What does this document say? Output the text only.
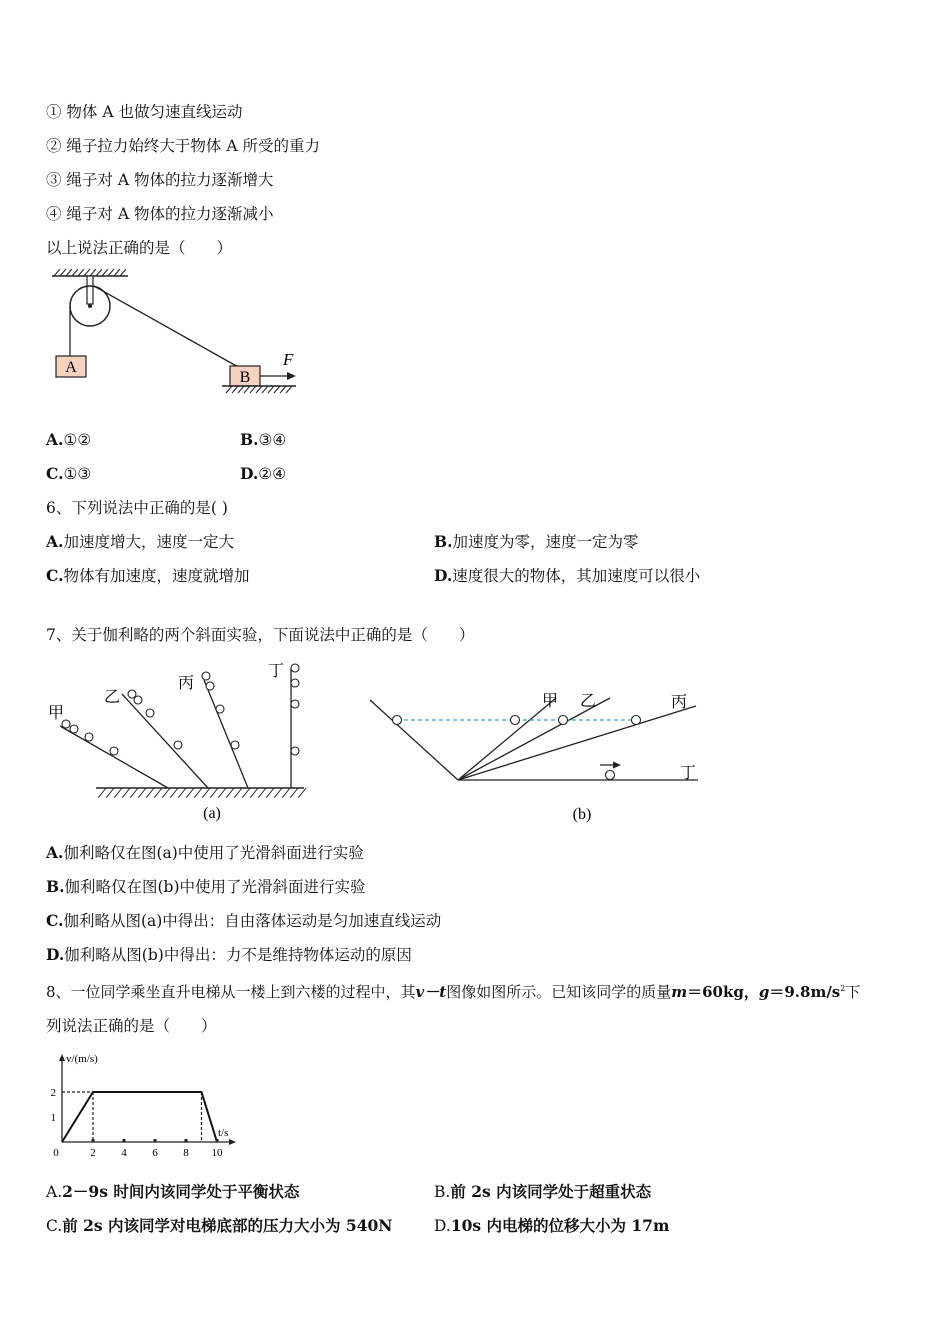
① 物体 A 也做匀速直线运动
② 绳子拉力始终大于物体 A 所受的重力
③ 绳子对 A 物体的拉力逐渐增大
④ 绳子对 A 物体的拉力逐渐减小
以上说法正确的是（　　）
A
B
F
A.①②	B.③④
C.①③	D.②④
6、下列说法中正确的是( )
A.加速度增大，速度一定大	B.加速度为零，速度一定为零
C.物体有加速度，速度就增加	D.速度很大的物体，其加速度可以很小
7、关于伽利略的两个斜面实验，下面说法中正确的是（　　）
甲
乙
丙
丁
(a)
甲 乙	丙
丁
(b)
A.伽利略仅在图(a)中使用了光滑斜面进行实验
B.伽利略仅在图(b)中使用了光滑斜面进行实验
C.伽利略从图(a)中得出：自由落体运动是匀加速直线运动
D.伽利略从图(b)中得出：力不是维持物体运动的原因
8、一位同学乘坐直升电梯从一楼上到六楼的过程中，其v－t图像如图所示。已知该同学的质量m＝60kg，$g=9.8m/s^2$下
列说法正确的是（　　）
v/(m/s)
t/s
2 4 6 8 10
1
2
0
A.2－9s 时间内该同学处于平衡状态	B.前 2s 内该同学处于超重状态
C.前 2s 内该同学对电梯底部的压力大小为 540N	D.10s 内电梯的位移大小为 17m
